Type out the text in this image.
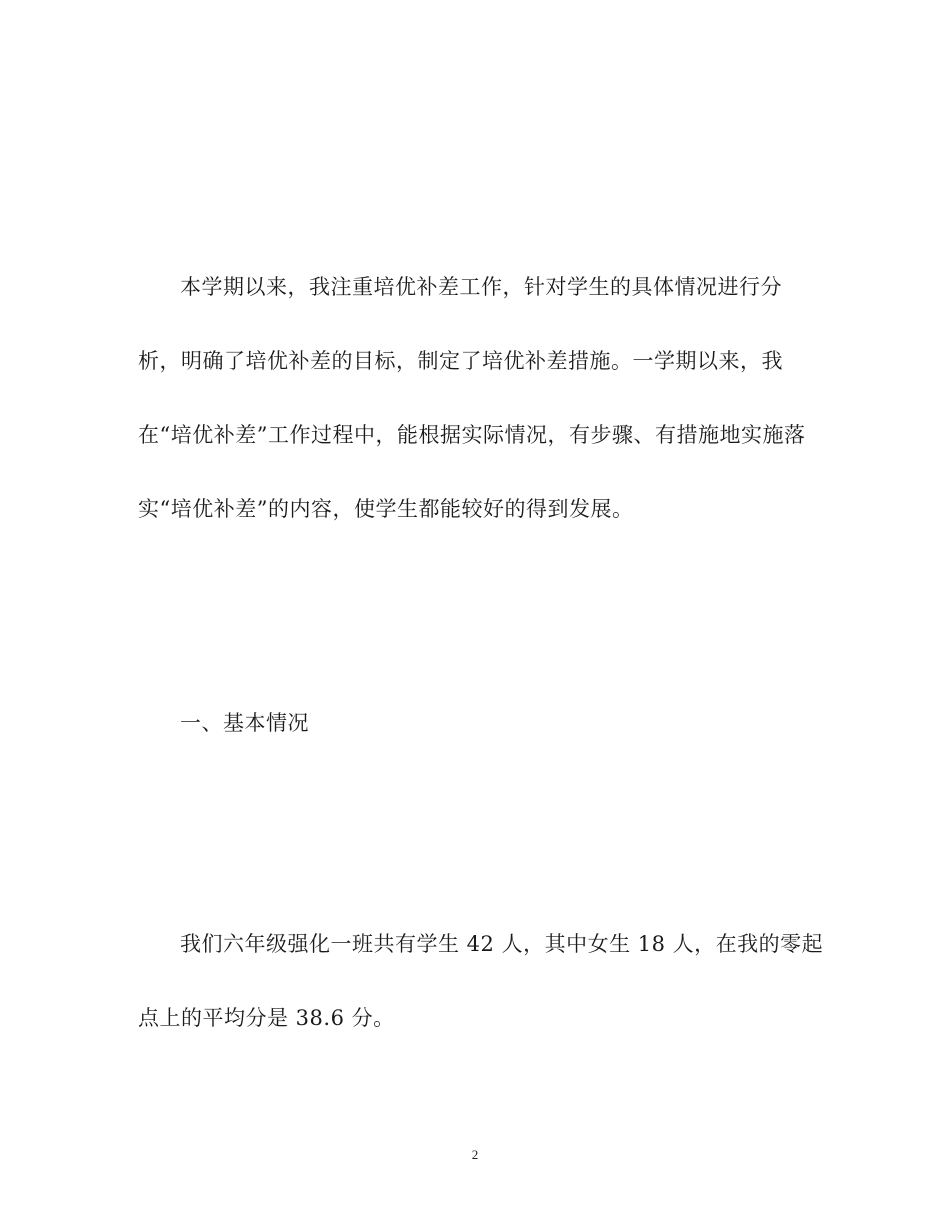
本学期以来，我注重培优补差工作，针对学生的具体情况进行分
析，明确了培优补差的目标，制定了培优补差措施。一学期以来，我
在“培优补差”工作过程中，能根据实际情况，有步骤、有措施地实施落
实“培优补差”的内容，使学生都能较好的得到发展。
一、基本情况
我们六年级强化一班共有学生 42 人，其中女生 18 人，在我的零起
点上的平均分是 38.6 分。
2
